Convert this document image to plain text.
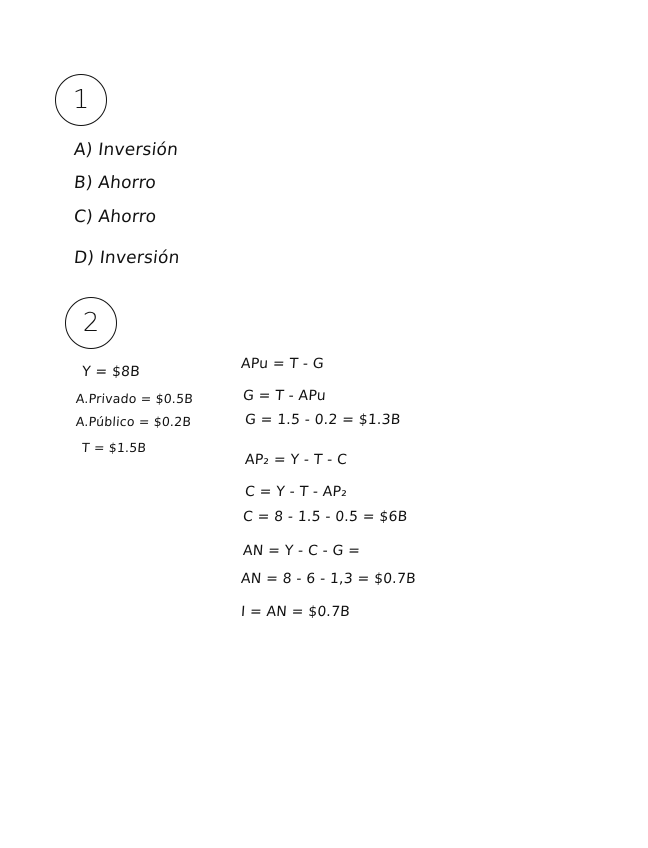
1
A) Inversión
B) Ahorro
C) Ahorro
D) Inversión
2
Y = $8B
A.Privado = $0.5B
A.Público = $0.2B
T = $1.5B
APu = T - G
G = T - APu
G = 1.5 - 0.2 = $1.3B
AP₂ = Y - T - C
C = Y - T - AP₂
C = 8 - 1.5 - 0.5 = $6B
AN = Y - C - G =
AN = 8 - 6 - 1,3 = $0.7B
I = AN = $0.7B
